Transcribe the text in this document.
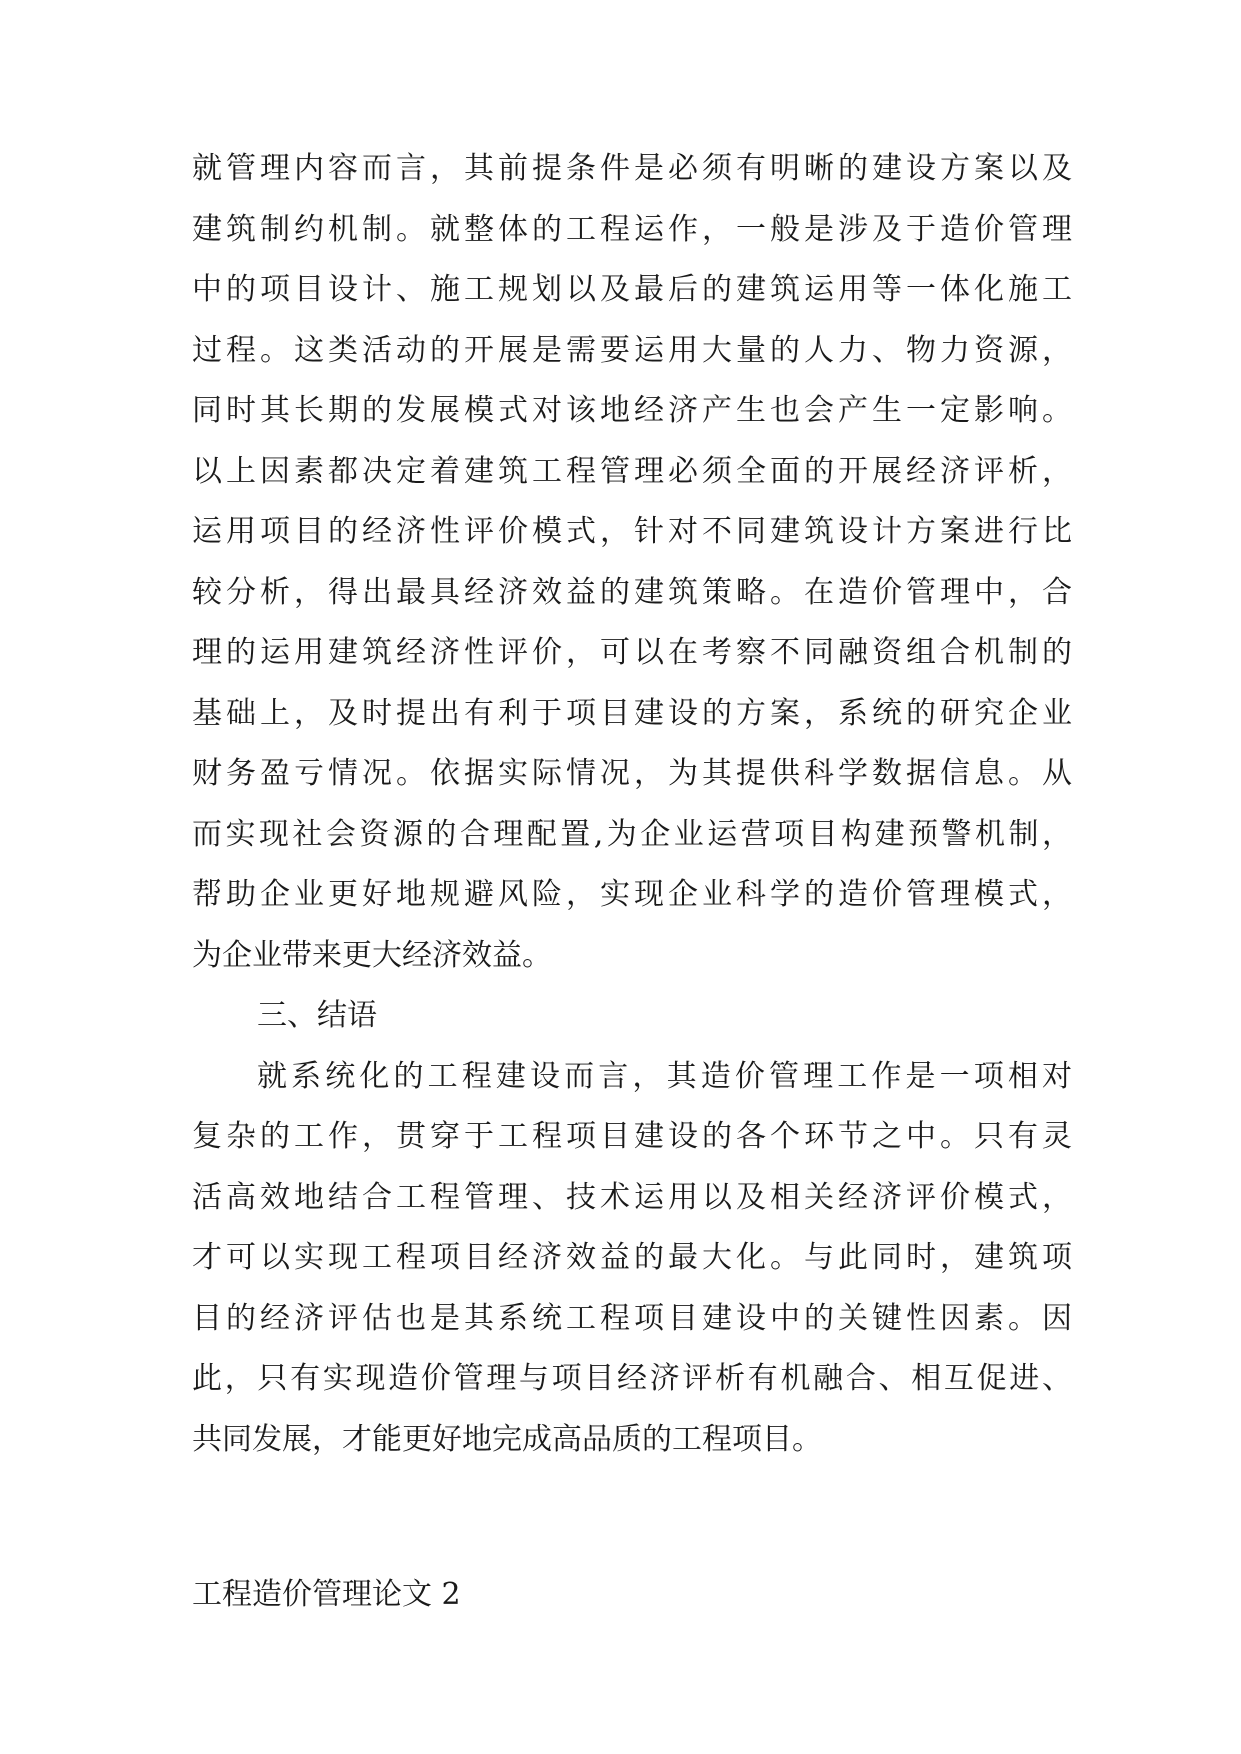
就管理内容而言，其前提条件是必须有明晰的建设方案以及
建筑制约机制。就整体的工程运作，一般是涉及于造价管理
中的项目设计、施工规划以及最后的建筑运用等一体化施工
过程。这类活动的开展是需要运用大量的人力、物力资源，
同时其长期的发展模式对该地经济产生也会产生一定影响。
以上因素都决定着建筑工程管理必须全面的开展经济评析，
运用项目的经济性评价模式，针对不同建筑设计方案进行比
较分析，得出最具经济效益的建筑策略。在造价管理中，合
理的运用建筑经济性评价，可以在考察不同融资组合机制的
基础上，及时提出有利于项目建设的方案，系统的研究企业
财务盈亏情况。依据实际情况，为其提供科学数据信息。从
而实现社会资源的合理配置,为企业运营项目构建预警机制，
帮助企业更好地规避风险，实现企业科学的造价管理模式，
为企业带来更大经济效益。
三、结语
就系统化的工程建设而言，其造价管理工作是一项相对
复杂的工作，贯穿于工程项目建设的各个环节之中。只有灵
活高效地结合工程管理、技术运用以及相关经济评价模式，
才可以实现工程项目经济效益的最大化。与此同时，建筑项
目的经济评估也是其系统工程项目建设中的关键性因素。因
此，只有实现造价管理与项目经济评析有机融合、相互促进、
共同发展，才能更好地完成高品质的工程项目。
工程造价管理论文 2
